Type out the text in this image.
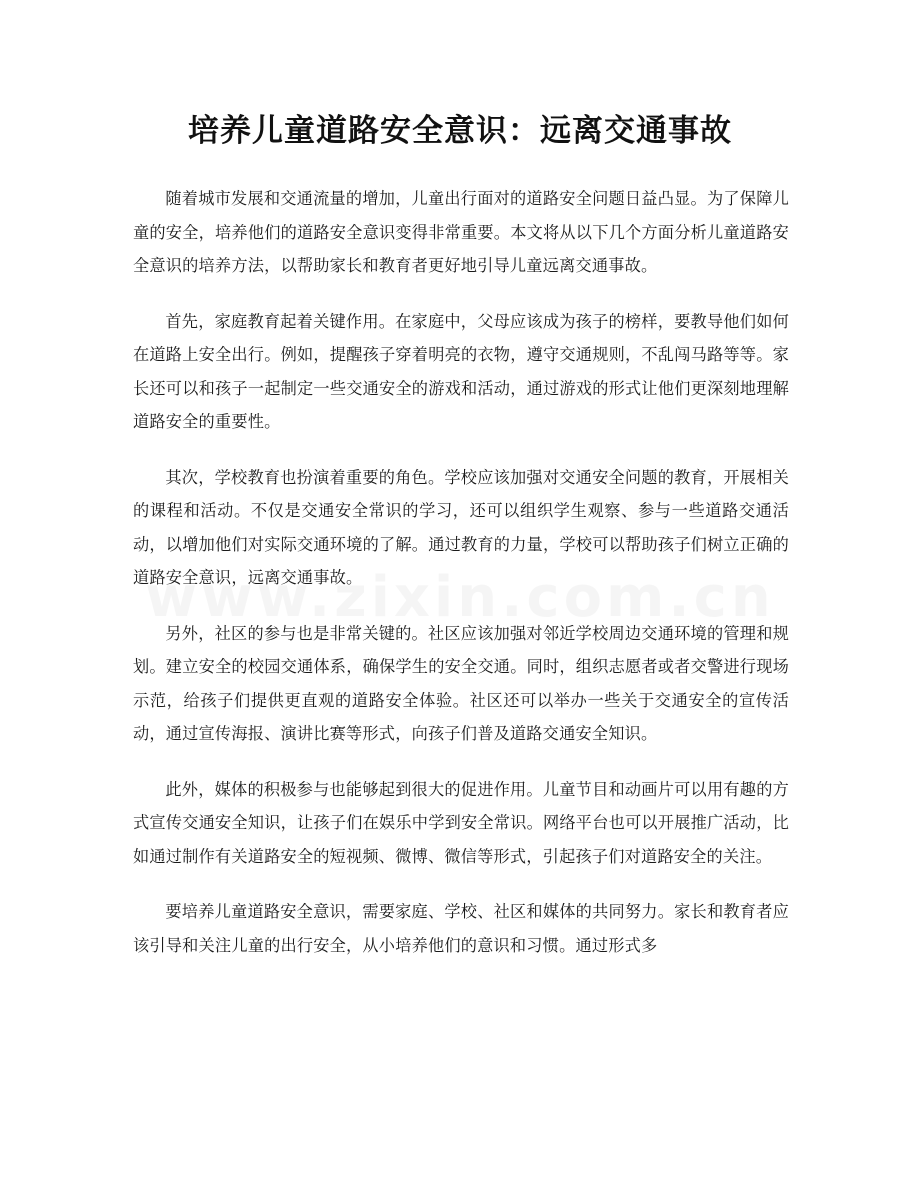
培养儿童道路安全意识：远离交通事故

随着城市发展和交通流量的增加，儿童出行面对的道路安全问题日益凸显。为了保障儿童的安全，培养他们的道路安全意识变得非常重要。本文将从以下几个方面分析儿童道路安全意识的培养方法，以帮助家长和教育者更好地引导儿童远离交通事故。

首先，家庭教育起着关键作用。在家庭中，父母应该成为孩子的榜样，要教导他们如何在道路上安全出行。例如，提醒孩子穿着明亮的衣物，遵守交通规则，不乱闯马路等等。家长还可以和孩子一起制定一些交通安全的游戏和活动，通过游戏的形式让他们更深刻地理解道路安全的重要性。

其次，学校教育也扮演着重要的角色。学校应该加强对交通安全问题的教育，开展相关的课程和活动。不仅是交通安全常识的学习，还可以组织学生观察、参与一些道路交通活动，以增加他们对实际交通环境的了解。通过教育的力量，学校可以帮助孩子们树立正确的道路安全意识，远离交通事故。

另外，社区的参与也是非常关键的。社区应该加强对邻近学校周边交通环境的管理和规划。建立安全的校园交通体系，确保学生的安全交通。同时，组织志愿者或者交警进行现场示范，给孩子们提供更直观的道路安全体验。社区还可以举办一些关于交通安全的宣传活动，通过宣传海报、演讲比赛等形式，向孩子们普及道路交通安全知识。

此外，媒体的积极参与也能够起到很大的促进作用。儿童节目和动画片可以用有趣的方式宣传交通安全知识，让孩子们在娱乐中学到安全常识。网络平台也可以开展推广活动，比如通过制作有关道路安全的短视频、微博、微信等形式，引起孩子们对道路安全的关注。

要培养儿童道路安全意识，需要家庭、学校、社区和媒体的共同努力。家长和教育者应该引导和关注儿童的出行安全，从小培养他们的意识和习惯。通过形式多
